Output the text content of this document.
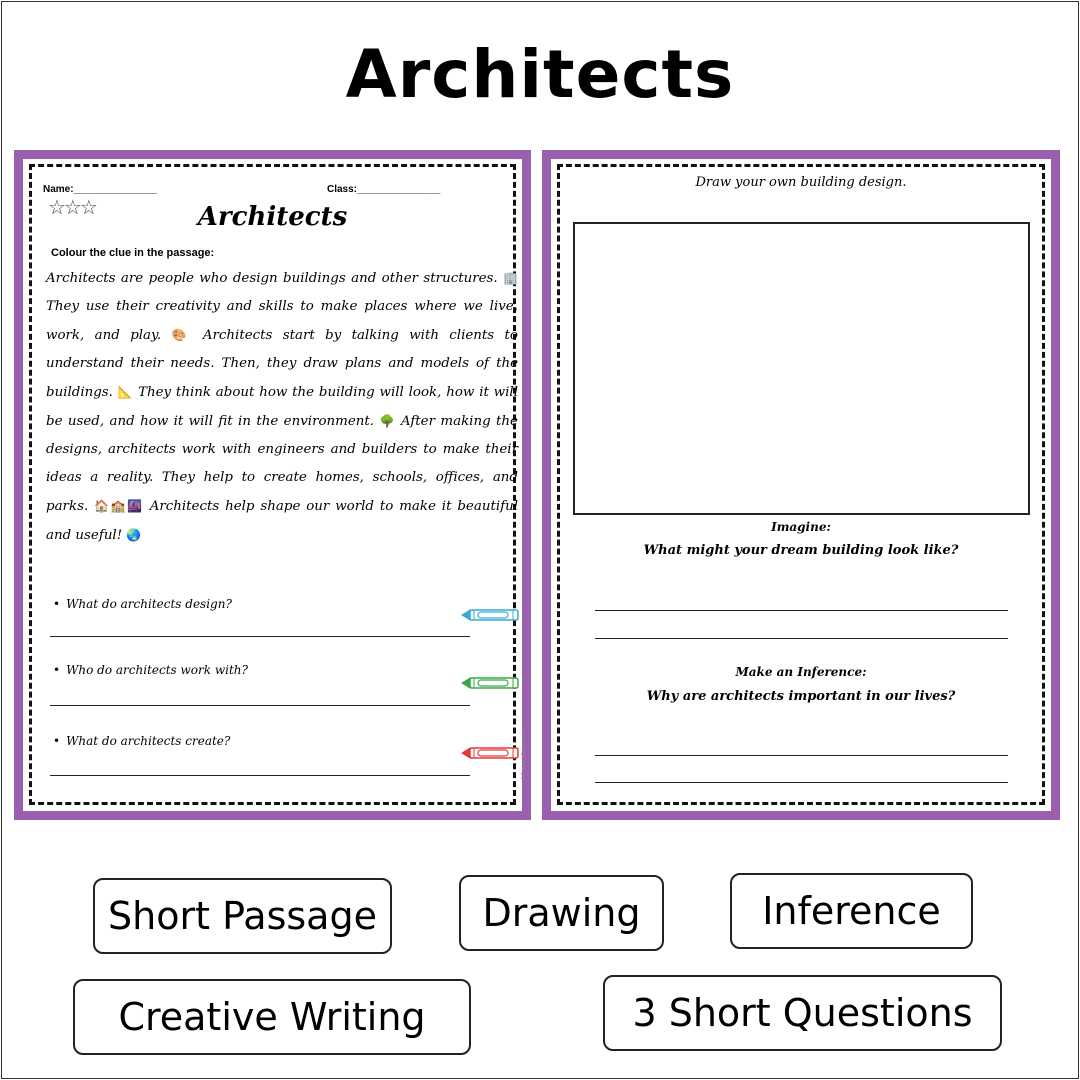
Architects
Name:_______________	Class:_______________
☆☆☆	Architects
Colour the clue in the passage:
Architects are people who design buildings and other structures. 🏢 They use their creativity and skills to make places where we live, work, and play. 🎨 Architects start by talking with clients to understand their needs. Then, they draw plans and models of the buildings. 📐 They think about how the building will look, how it will be used, and how it will fit in the environment. 🌳 After making the designs, architects work with engineers and builders to make their ideas a reality. They help to create homes, schools, offices, and parks. 🏠🏫🌆 Architects help shape our world to make it beautiful and useful! 🌏
• What do architects design?
• Who do architects work with?
• What do architects create?	© PrintableBazaar.com
Draw your own building design.
Imagine:
What might your dream building look like?
Make an Inference:
Why are architects important in our lives?
Short Passage	Drawing	Inference
Creative Writing	3 Short Questions
